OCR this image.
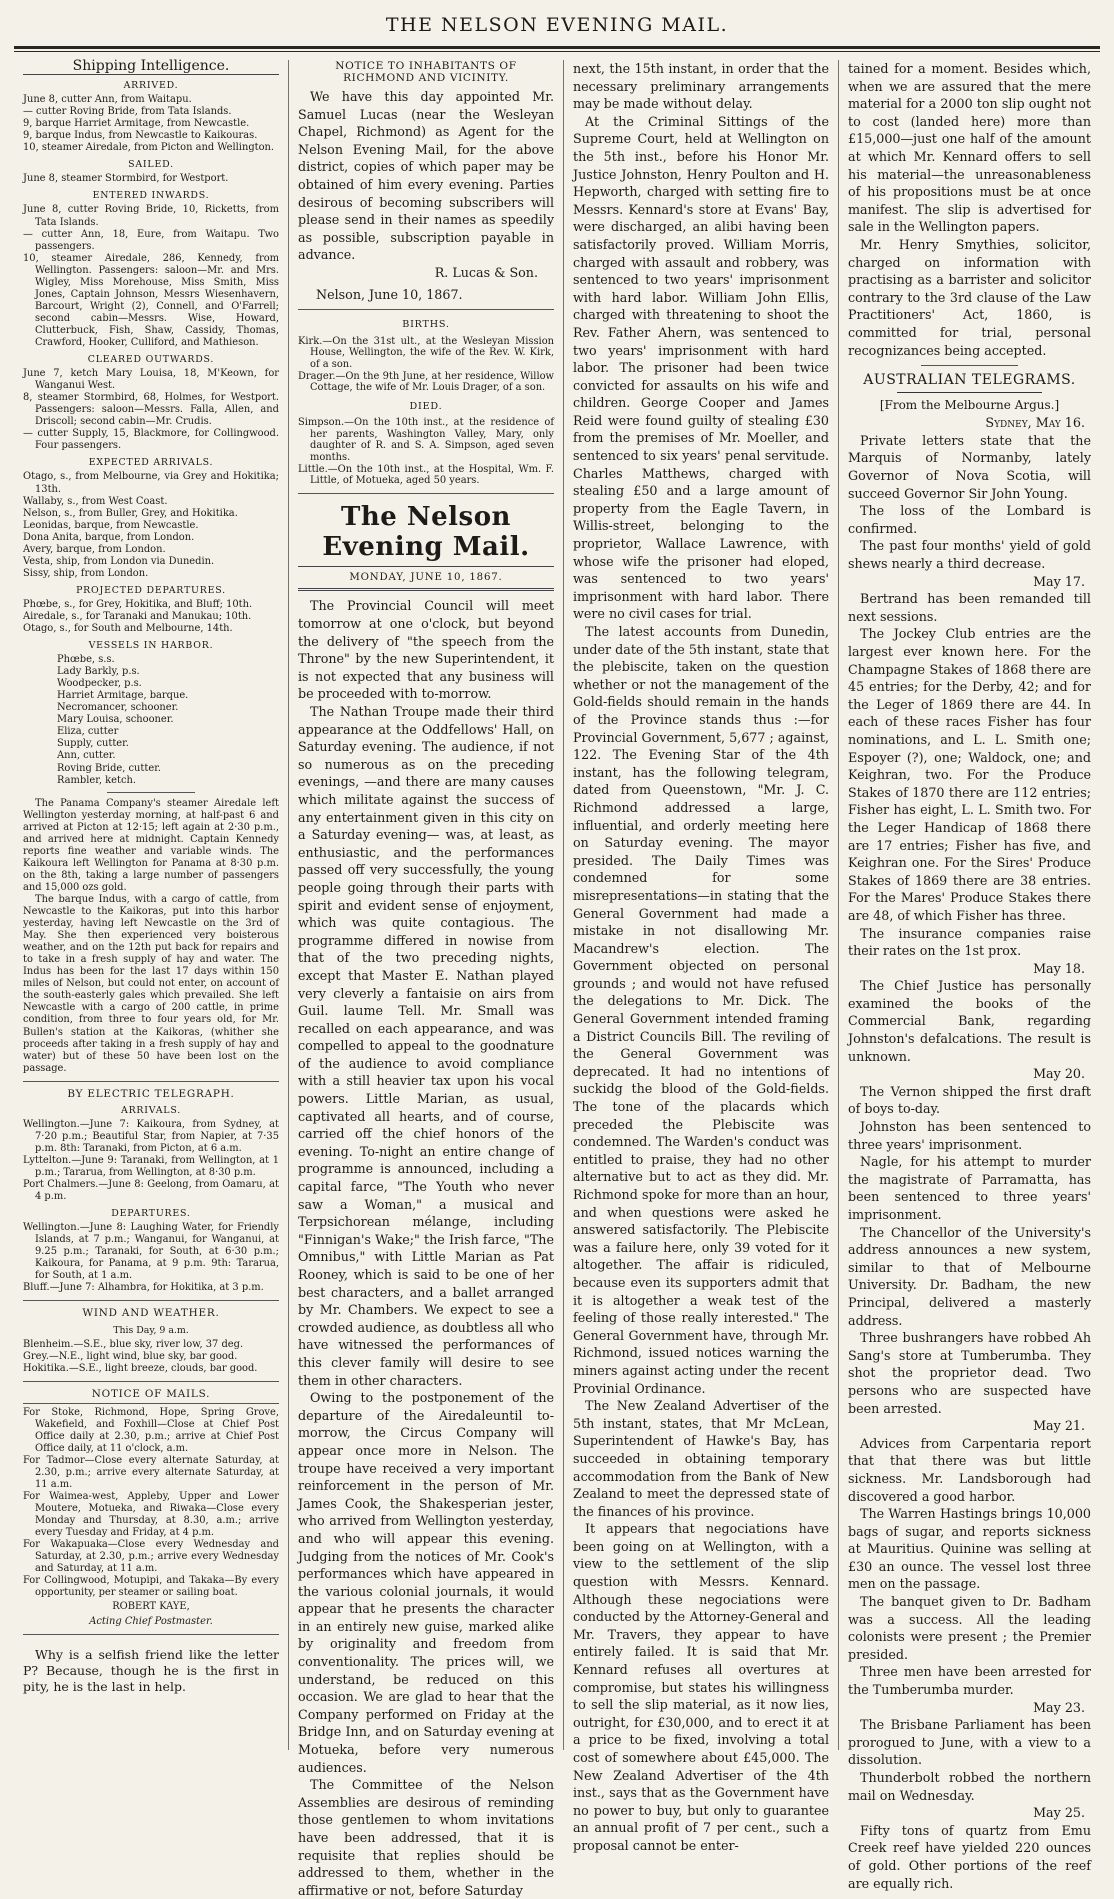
THE NELSON EVENING MAIL.
Shipping Intelligence.
ARRIVED.

June 8, cutter Ann, from Waitapu.

— cutter Roving Bride, from Tata Islands.

9, barque Harriet Armitage, from Newcastle.

9, barque Indus, from Newcastle to Kaikouras.

10, steamer Airedale, from Picton and Wellington.

SAILED.

June 8, steamer Stormbird, for Westport.

ENTERED INWARDS.

June 8, cutter Roving Bride, 10, Ricketts, from Tata Islands.

— cutter Ann, 18, Eure, from Waitapu. Two passengers.

10, steamer Airedale, 286, Kennedy, from Wellington. Passengers: saloon—Mr. and Mrs. Wigley, Miss Morehouse, Miss Smith, Miss Jones, Captain Johnson, Messrs Wiesenhavern, Barcourt, Wright (2), Connell, and O'Farrell; second cabin—Messrs. Wise, Howard, Clutterbuck, Fish, Shaw, Cassidy, Thomas, Crawford, Hooker, Culliford, and Mathieson.

CLEARED OUTWARDS.

June 7, ketch Mary Louisa, 18, M'Keown, for Wanganui West.

8, steamer Stormbird, 68, Holmes, for Westport. Passengers: saloon—Messrs. Falla, Allen, and Driscoll; second cabin—Mr. Crudis.

— cutter Supply, 15, Blackmore, for Collingwood. Four passengers.

EXPECTED ARRIVALS.

Otago, s., from Melbourne, via Grey and Hokitika; 13th.

Wallaby, s., from West Coast.

Nelson, s., from Buller, Grey, and Hokitika.

Leonidas, barque, from Newcastle.

Dona Anita, barque, from London.

Avery, barque, from London.

Vesta, ship, from London via Dunedin.

Sissy, ship, from London.

PROJECTED DEPARTURES.

Phœbe, s., for Grey, Hokitika, and Bluff; 10th.

Airedale, s., for Taranaki and Manukau; 10th.

Otago, s., for South and Melbourne, 14th.

VESSELS IN HARBOR.
Phœbe, s.s.
Lady Barkly, p.s.
Woodpecker, p.s.
Harriet Armitage, barque.
Necromancer, schooner.
Mary Louisa, schooner.
Eliza, cutter
Supply, cutter.
Ann, cutter.
Roving Bride, cutter.
Rambler, ketch.

The Panama Company's steamer Airedale left Wellington yesterday morning, at half-past 6 and arrived at Picton at 12·15; left again at 2·30 p.m., and arrived here at midnight. Captain Kennedy reports fine weather and variable winds. The Kaikoura left Wellington for Panama at 8·30 p.m. on the 8th, taking a large number of passengers and 15,000 ozs gold.

The barque Indus, with a cargo of cattle, from Newcastle to the Kaikoras, put into this harbor yesterday, having left Newcastle on the 3rd of May. She then experienced very boisterous weather, and on the 12th put back for repairs and to take in a fresh supply of hay and water. The Indus has been for the last 17 days within 150 miles of Nelson, but could not enter, on account of the south-easterly gales which prevailed. She left Newcastle with a cargo of 200 cattle, in prime condition, from three to four years old, for Mr. Bullen's station at the Kaikoras, (whither she proceeds after taking in a fresh supply of hay and water) but of these 50 have been lost on the passage.

BY ELECTRIC TELEGRAPH.
ARRIVALS.

Wellington.—June 7: Kaikoura, from Sydney, at 7·20 p.m.; Beautiful Star, from Napier, at 7·35 p.m. 8th: Taranaki, from Picton, at 6 a.m.

Lyttelton.—June 9: Taranaki, from Wellington, at 1 p.m.; Tararua, from Wellington, at 8·30 p.m.

Port Chalmers.—June 8: Geelong, from Oamaru, at 4 p.m.

DEPARTURES.

Wellington.—June 8: Laughing Water, for Friendly Islands, at 7 p.m.; Wanganui, for Wanganui, at 9.25 p.m.; Taranaki, for South, at 6·30 p.m.; Kaikoura, for Panama, at 9 p.m. 9th: Tararua, for South, at 1 a.m.

Bluff.—June 7: Alhambra, for Hokitika, at 3 p.m.

WIND AND WEATHER.
This Day, 9 a.m.

Blenheim.—S.E., blue sky, river low, 37 deg.

Grey.—N.E., light wind, blue sky, bar good.

Hokitika.—S.E., light breeze, clouds, bar good.

NOTICE OF MAILS.

For Stoke, Richmond, Hope, Spring Grove, Wakefield, and Foxhill—Close at Chief Post Office daily at 2.30, p.m.; arrive at Chief Post Office daily, at 11 o'clock, a.m.

For Tadmor—Close every alternate Saturday, at 2.30, p.m.; arrive every alternate Saturday, at 11 a.m.

For Waimea-west, Appleby, Upper and Lower Moutere, Motueka, and Riwaka—Close every Monday and Thursday, at 8.30, a.m.; arrive every Tuesday and Friday, at 4 p.m.

For Wakapuaka—Close every Wednesday and Saturday, at 2.30, p.m.; arrive every Wednesday and Saturday, at 11 a.m.

For Collingwood, Motupipi, and Takaka—By every opportunity, per steamer or sailing boat.

ROBERT KAYE,
Acting Chief Postmaster.

Why is a selfish friend like the letter P? Because, though he is the first in pity, he is the last in help.

NOTICE TO INHABITANTS OF RICHMOND AND VICINITY.

We have this day appointed Mr. Samuel Lucas (near the Wesleyan Chapel, Richmond) as Agent for the Nelson Evening Mail, for the above district, copies of which paper may be obtained of him every evening. Parties desirous of becoming subscribers will please send in their names as speedily as possible, subscription payable in advance.

R. Lucas & Son.

Nelson, June 10, 1867.

BIRTHS.

Kirk.—On the 31st ult., at the Wesleyan Mission House, Wellington, the wife of the Rev. W. Kirk, of a son.

Drager.—On the 9th June, at her residence, Willow Cottage, the wife of Mr. Louis Drager, of a son.

DIED.

Simpson.—On the 10th inst., at the residence of her parents, Washington Valley, Mary, only daughter of R. and S. A. Simpson, aged seven months.

Little.—On the 10th inst., at the Hospital, Wm. F. Little, of Motueka, aged 50 years.

The Nelson Evening Mail.
MONDAY, JUNE 10, 1867.

The Provincial Council will meet tomorrow at one o'clock, but beyond the delivery of "the speech from the Throne" by the new Superintendent, it is not expected that any business will be proceeded with to-morrow.

The Nathan Troupe made their third appearance at the Oddfellows' Hall, on Saturday evening. The audience, if not so numerous as on the preceding evenings, —and there are many causes which militate against the success of any entertainment given in this city on a Saturday evening— was, at least, as enthusiastic, and the performances passed off very successfully, the young people going through their parts with spirit and evident sense of enjoyment, which was quite contagious. The programme differed in nowise from that of the two preceding nights, except that Master E. Nathan played very cleverly a fantaisie on airs from Guil. laume Tell. Mr. Small was recalled on each appearance, and was compelled to appeal to the goodnature of the audience to avoid compliance with a still heavier tax upon his vocal powers. Little Marian, as usual, captivated all hearts, and of course, carried off the chief honors of the evening. To-night an entire change of programme is announced, including a capital farce, "The Youth who never saw a Woman," a musical and Terpsichorean mélange, including "Finnigan's Wake;" the Irish farce, "The Omnibus," with Little Marian as Pat Rooney, which is said to be one of her best characters, and a ballet arranged by Mr. Chambers. We expect to see a crowded audience, as doubtless all who have witnessed the performances of this clever family will desire to see them in other characters.

Owing to the postponement of the departure of the Airedaleuntil to-morrow, the Circus Company will appear once more in Nelson. The troupe have received a very important reinforcement in the person of Mr. James Cook, the Shakesperian jester, who arrived from Wellington yesterday, and who will appear this evening. Judging from the notices of Mr. Cook's performances which have appeared in the various colonial journals, it would appear that he presents the character in an entirely new guise, marked alike by originality and freedom from conventionality. The prices will, we understand, be reduced on this occasion. We are glad to hear that the Company performed on Friday at the Bridge Inn, and on Saturday evening at Motueka, before very numerous audiences.

The Committee of the Nelson Assemblies are desirous of reminding those gentlemen to whom invitations have been addressed, that it is requisite that replies should be addressed to them, whether in the affirmative or not, before Saturday

next, the 15th instant, in order that the necessary preliminary arrangements may be made without delay.

At the Criminal Sittings of the Supreme Court, held at Wellington on the 5th inst., before his Honor Mr. Justice Johnston, Henry Poulton and H. Hepworth, charged with setting fire to Messrs. Kennard's store at Evans' Bay, were discharged, an alibi having been satisfactorily proved. William Morris, charged with assault and robbery, was sentenced to two years' imprisonment with hard labor. William John Ellis, charged with threatening to shoot the Rev. Father Ahern, was sentenced to two years' imprisonment with hard labor. The prisoner had been twice convicted for assaults on his wife and children. George Cooper and James Reid were found guilty of stealing £30 from the premises of Mr. Moeller, and sentenced to six years' penal servitude. Charles Matthews, charged with stealing £50 and a large amount of property from the Eagle Tavern, in Willis-street, belonging to the proprietor, Wallace Lawrence, with whose wife the prisoner had eloped, was sentenced to two years' imprisonment with hard labor. There were no civil cases for trial.

The latest accounts from Dunedin, under date of the 5th instant, state that the plebiscite, taken on the question whether or not the management of the Gold-fields should remain in the hands of the Province stands thus :—for Provincial Government, 5,677 ; against, 122. The Evening Star of the 4th instant, has the following telegram, dated from Queenstown, "Mr. J. C. Richmond addressed a large, influential, and orderly meeting here on Saturday evening. The mayor presided. The Daily Times was condemned for some misrepresentations—in stating that the General Government had made a mistake in not disallowing Mr. Macandrew's election. The Government objected on personal grounds ; and would not have refused the delegations to Mr. Dick. The General Government intended framing a District Councils Bill. The reviling of the General Government was deprecated. It had no intentions of suckidg the blood of the Gold-fields. The tone of the placards which preceded the Plebiscite was condemned. The Warden's conduct was entitled to praise, they had no other alternative but to act as they did. Mr. Richmond spoke for more than an hour, and when questions were asked he answered satisfactorily. The Plebiscite was a failure here, only 39 voted for it altogether. The affair is ridiculed, because even its supporters admit that it is altogether a weak test of the feeling of those really interested." The General Government have, through Mr. Richmond, issued notices warning the miners against acting under the recent Provinial Ordinance.

The New Zealand Advertiser of the 5th instant, states, that Mr McLean, Superintendent of Hawke's Bay, has succeeded in obtaining temporary accommodation from the Bank of New Zealand to meet the depressed state of the finances of his province.

It appears that negociations have been going on at Wellington, with a view to the settlement of the slip question with Messrs. Kennard. Although these negociations were conducted by the Attorney-General and Mr. Travers, they appear to have entirely failed. It is said that Mr. Kennard refuses all overtures at compromise, but states his willingness to sell the slip material, as it now lies, outright, for £30,000, and to erect it at a price to be fixed, involving a total cost of somewhere about £45,000. The New Zealand Advertiser of the 4th inst., says that as the Government have no power to buy, but only to guarantee an annual profit of 7 per cent., such a proposal cannot be enter-

tained for a moment. Besides which, when we are assured that the mere material for a 2000 ton slip ought not to cost (landed here) more than £15,000—just one half of the amount at which Mr. Kennard offers to sell his material—the unreasonableness of his propositions must be at once manifest. The slip is advertised for sale in the Wellington papers.

Mr. Henry Smythies, solicitor, charged on information with practising as a barrister and solicitor contrary to the 3rd clause of the Law Practitioners' Act, 1860, is committed for trial, personal recognizances being accepted.

AUSTRALIAN TELEGRAMS.

[From the Melbourne Argus.]

Sydney, May 16.

Private letters state that the Marquis of Normanby, lately Governor of Nova Scotia, will succeed Governor Sir John Young.

The loss of the Lombard is confirmed.

The past four months' yield of gold shews nearly a third decrease.

May 17.

Bertrand has been remanded till next sessions.

The Jockey Club entries are the largest ever known here. For the Champagne Stakes of 1868 there are 45 entries; for the Derby, 42; and for the Leger of 1869 there are 44. In each of these races Fisher has four nominations, and L. L. Smith one; Espoyer (?), one; Waldock, one; and Keighran, two. For the Produce Stakes of 1870 there are 112 entries; Fisher has eight, L. L. Smith two. For the Leger Handicap of 1868 there are 17 entries; Fisher has five, and Keighran one. For the Sires' Produce Stakes of 1869 there are 38 entries. For the Mares' Produce Stakes there are 48, of which Fisher has three.

The insurance companies raise their rates on the 1st prox.

May 18.

The Chief Justice has personally examined the books of the Commercial Bank, regarding Johnston's defalcations. The result is unknown.

May 20.

The Vernon shipped the first draft of boys to-day.

Johnston has been sentenced to three years' imprisonment.

Nagle, for his attempt to murder the magistrate of Parramatta, has been sentenced to three years' imprisonment.

The Chancellor of the University's address announces a new system, similar to that of Melbourne University. Dr. Badham, the new Principal, delivered a masterly address.

Three bushrangers have robbed Ah Sang's store at Tumberumba. They shot the proprietor dead. Two persons who are suspected have been arrested.

May 21.

Advices from Carpentaria report that that there was but little sickness. Mr. Landsborough had discovered a good harbor.

The Warren Hastings brings 10,000 bags of sugar, and reports sickness at Mauritius. Quinine was selling at £30 an ounce. The vessel lost three men on the passage.

The banquet given to Dr. Badham was a success. All the leading colonists were present ; the Premier presided.

Three men have been arrested for the Tumberumba murder.

May 23.

The Brisbane Parliament has been prorogued to June, with a view to a dissolution.

Thunderbolt robbed the northern mail on Wednesday.

May 25.

Fifty tons of quartz from Emu Creek reef have yielded 220 ounces of gold. Other portions of the reef are equally rich.
